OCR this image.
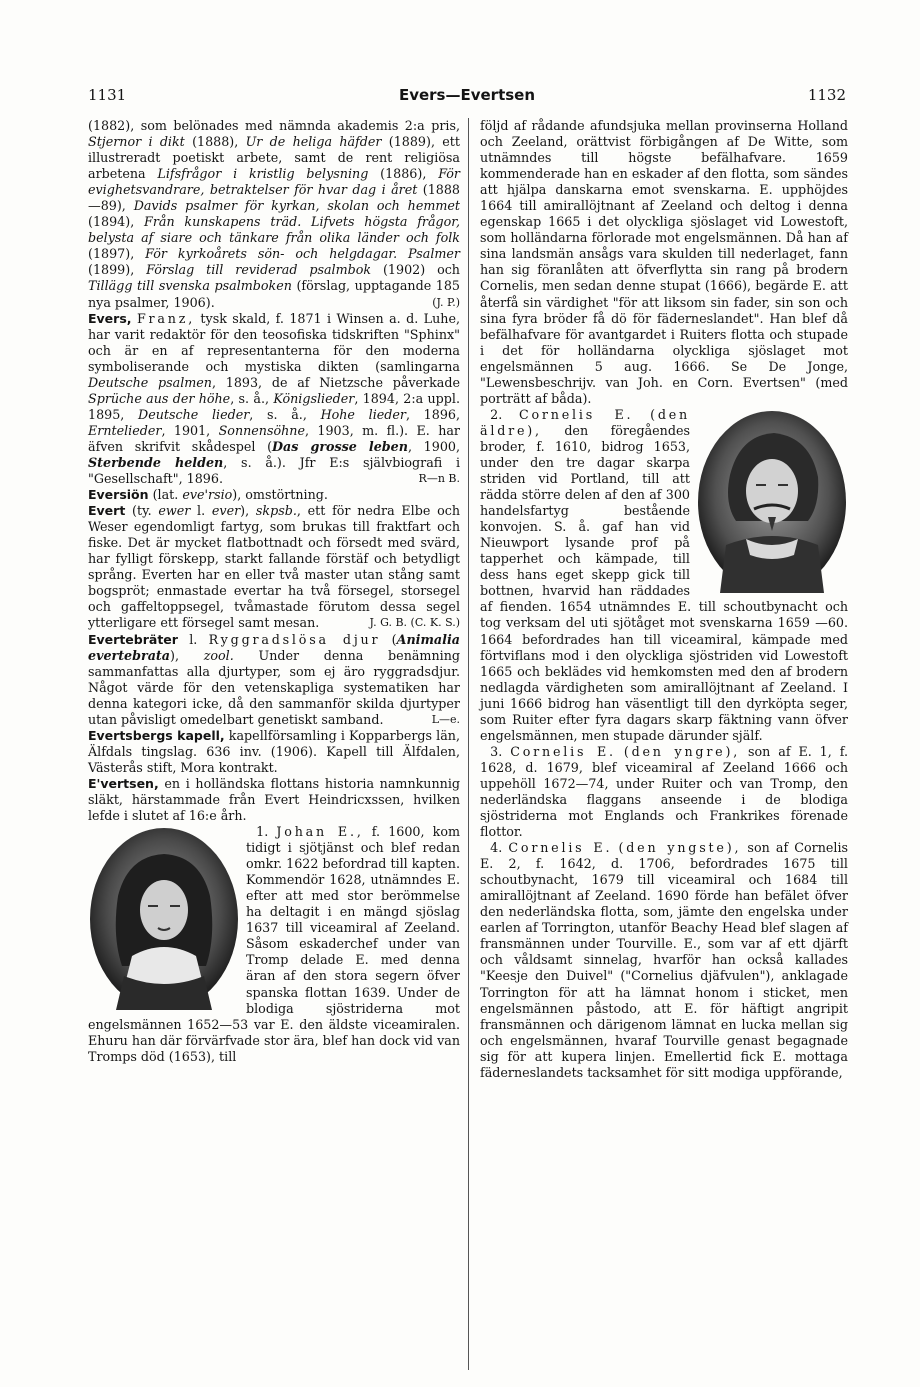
1131	Evers—Evertsen	1132

(1882), som belönades med nämnda akademis 2:a pris, Stjernor i dikt (1888), Ur de heliga häfder (1889), ett illustreradt poetiskt arbete, samt de rent religiösa arbetena Lifsfrågor i kristlig belysning (1886), För evighetsvandrare, betraktelser för hvar dag i året (1888—89), Davids psalmer för kyrkan, skolan och hemmet (1894), Från kunskapens träd. Lifvets högsta frågor, belysta af siare och tänkare från olika länder och folk (1897), För kyrkoårets sön- och helgdagar. Psalmer (1899), Förslag till reviderad psalmbok (1902) och Tillägg till svenska psalmboken (förslag, upptagande 185 nya psalmer, 1906).	(J. P.)

Evers, Franz, tysk skald, f. 1871 i Winsen a. d. Luhe, har varit redaktör för den teosofiska tidskriften "Sphinx" och är en af representanterna för den moderna symboliserande och mystiska dikten (samlingarna Deutsche psalmen, 1893, de af Nietzsche påverkade Sprüche aus der höhe, s. å., Königslieder, 1894, 2:a uppl. 1895, Deutsche lieder, s. å., Hohe lieder, 1896, Erntelieder, 1901, Sonnensöhne, 1903, m. fl.). E. har äfven skrifvit skådespel (Das grosse leben, 1900, Sterbende helden, s. å.). Jfr E:s självbiografi i "Gesellschaft", 1896.	R—n B.

Eversiön (lat. eve'rsio), omstörtning.

Evert (ty. ewer l. ever), skpsb., ett för nedra Elbe och Weser egendomligt fartyg, som brukas till fraktfart och fiske. Det är mycket flatbottnadt och försedt med svärd, har fylligt förskepp, starkt fallande förstäf och betydligt språng. Everten har en eller två master utan stång samt bogspröt; enmastade evertar ha två försegel, storsegel och gaffeltoppsegel, tvåmastade förutom dessa segel ytterligare ett försegel samt mesan.	J. G. B. (C. K. S.)

Evertebräter l. Ryggradslösa djur (Animalia evertebrata), zool. Under denna benämning sammanfattas alla djurtyper, som ej äro ryggradsdjur. Något värde för den vetenskapliga systematiken har denna kategori icke, då den sammanför skilda djurtyper utan påvisligt omedelbart genetiskt samband.	L—e.

Evertsbergs kapell, kapellförsamling i Kopparbergs län, Älfdals tingslag. 636 inv. (1906). Kapell till Älfdalen, Västerås stift, Mora kontrakt.

E'vertsen, en i holländska flottans historia namnkunnig släkt, härstammade från Evert Heindricxssen, hvilken lefde i slutet af 16:e årh.

1. Johan E., f. 1600, kom tidigt i sjötjänst och blef redan omkr. 1622 befordrad till kapten. Kommendör 1628, utnämndes E. efter att med stor berömmelse ha deltagit i en mängd sjöslag 1637 till viceamiral af Zeeland. Såsom eskaderchef under van Tromp delade E. med denna äran af den stora segern öfver spanska flottan 1639. Under de blodiga sjöstriderna mot engelsmännen 1652—53 var E. den äldste viceamiralen. Ehuru han där förvärfvade stor ära, blef han dock vid van Tromps död (1653), till

följd af rådande afundsjuka mellan provinserna Holland och Zeeland, orättvist förbigången af De Witte, som utnämndes till högste befälhafvare. 1659 kommenderade han en eskader af den flotta, som sändes att hjälpa danskarna emot svenskarna. E. upphöjdes 1664 till amirallöjtnant af Zeeland och deltog i denna egenskap 1665 i det olyckliga sjöslaget vid Lowestoft, som holländarna förlorade mot engelsmännen. Då han af sina landsmän ansågs vara skulden till nederlaget, fann han sig föranlåten att öfverflytta sin rang på brodern Cornelis, men sedan denne stupat (1666), begärde E. att återfå sin värdighet "för att liksom sin fader, sin son och sina fyra bröder få dö för fäderneslandet". Han blef då befälhafvare för avantgardet i Ruiters flotta och stupade i det för holländarna olyckliga sjöslaget mot engelsmännen 5 aug. 1666. Se De Jonge, "Lewensbeschrijv. van Joh. en Corn. Evertsen" (med porträtt af båda).

2. Cornelis E. (den äldre), den föregåendes broder, f. 1610, bidrog 1653, under den tre dagar skarpa striden vid Portland, till att rädda större delen af den af 300 handelsfartyg bestående konvojen. S. å. gaf han vid Nieuwport lysande prof på tapperhet och kämpade, till dess hans eget skepp gick till bottnen, hvarvid han räddades af fienden. 1654 utnämndes E. till schoutbynacht och tog verksam del uti sjötåget mot svenskarna 1659 —60. 1664 befordrades han till viceamiral, kämpade med förtviflans mod i den olyckliga sjöstriden vid Lowestoft 1665 och beklädes vid hemkomsten med den af brodern nedlagda värdigheten som amirallöjtnant af Zeeland. I juni 1666 bidrog han väsentligt till den dyrköpta seger, som Ruiter efter fyra dagars skarp fäktning vann öfver engelsmännen, men stupade därunder själf.

3. Cornelis E. (den yngre), son af E. 1, f. 1628, d. 1679, blef viceamiral af Zeeland 1666 och uppehöll 1672—74, under Ruiter och van Tromp, den nederländska flaggans anseende i de blodiga sjöstriderna mot Englands och Frankrikes förenade flottor.

4. Cornelis E. (den yngste), son af Cornelis E. 2, f. 1642, d. 1706, befordrades 1675 till schoutbynacht, 1679 till viceamiral och 1684 till amirallöjtnant af Zeeland. 1690 förde han befälet öfver den nederländska flotta, som, jämte den engelska under earlen af Torrington, utanför Beachy Head blef slagen af fransmännen under Tourville. E., som var af ett djärft och våldsamt sinnelag, hvarför han också kallades "Keesje den Duivel" ("Cornelius djäfvulen"), anklagade Torrington för att ha lämnat honom i sticket, men engelsmännen påstodo, att E. för häftigt angripit fransmännen och därigenom lämnat en lucka mellan sig och engelsmännen, hvaraf Tourville genast begagnade sig för att kupera linjen. Emellertid fick E. mottaga fäderneslandets tacksamhet för sitt modiga uppförande,
